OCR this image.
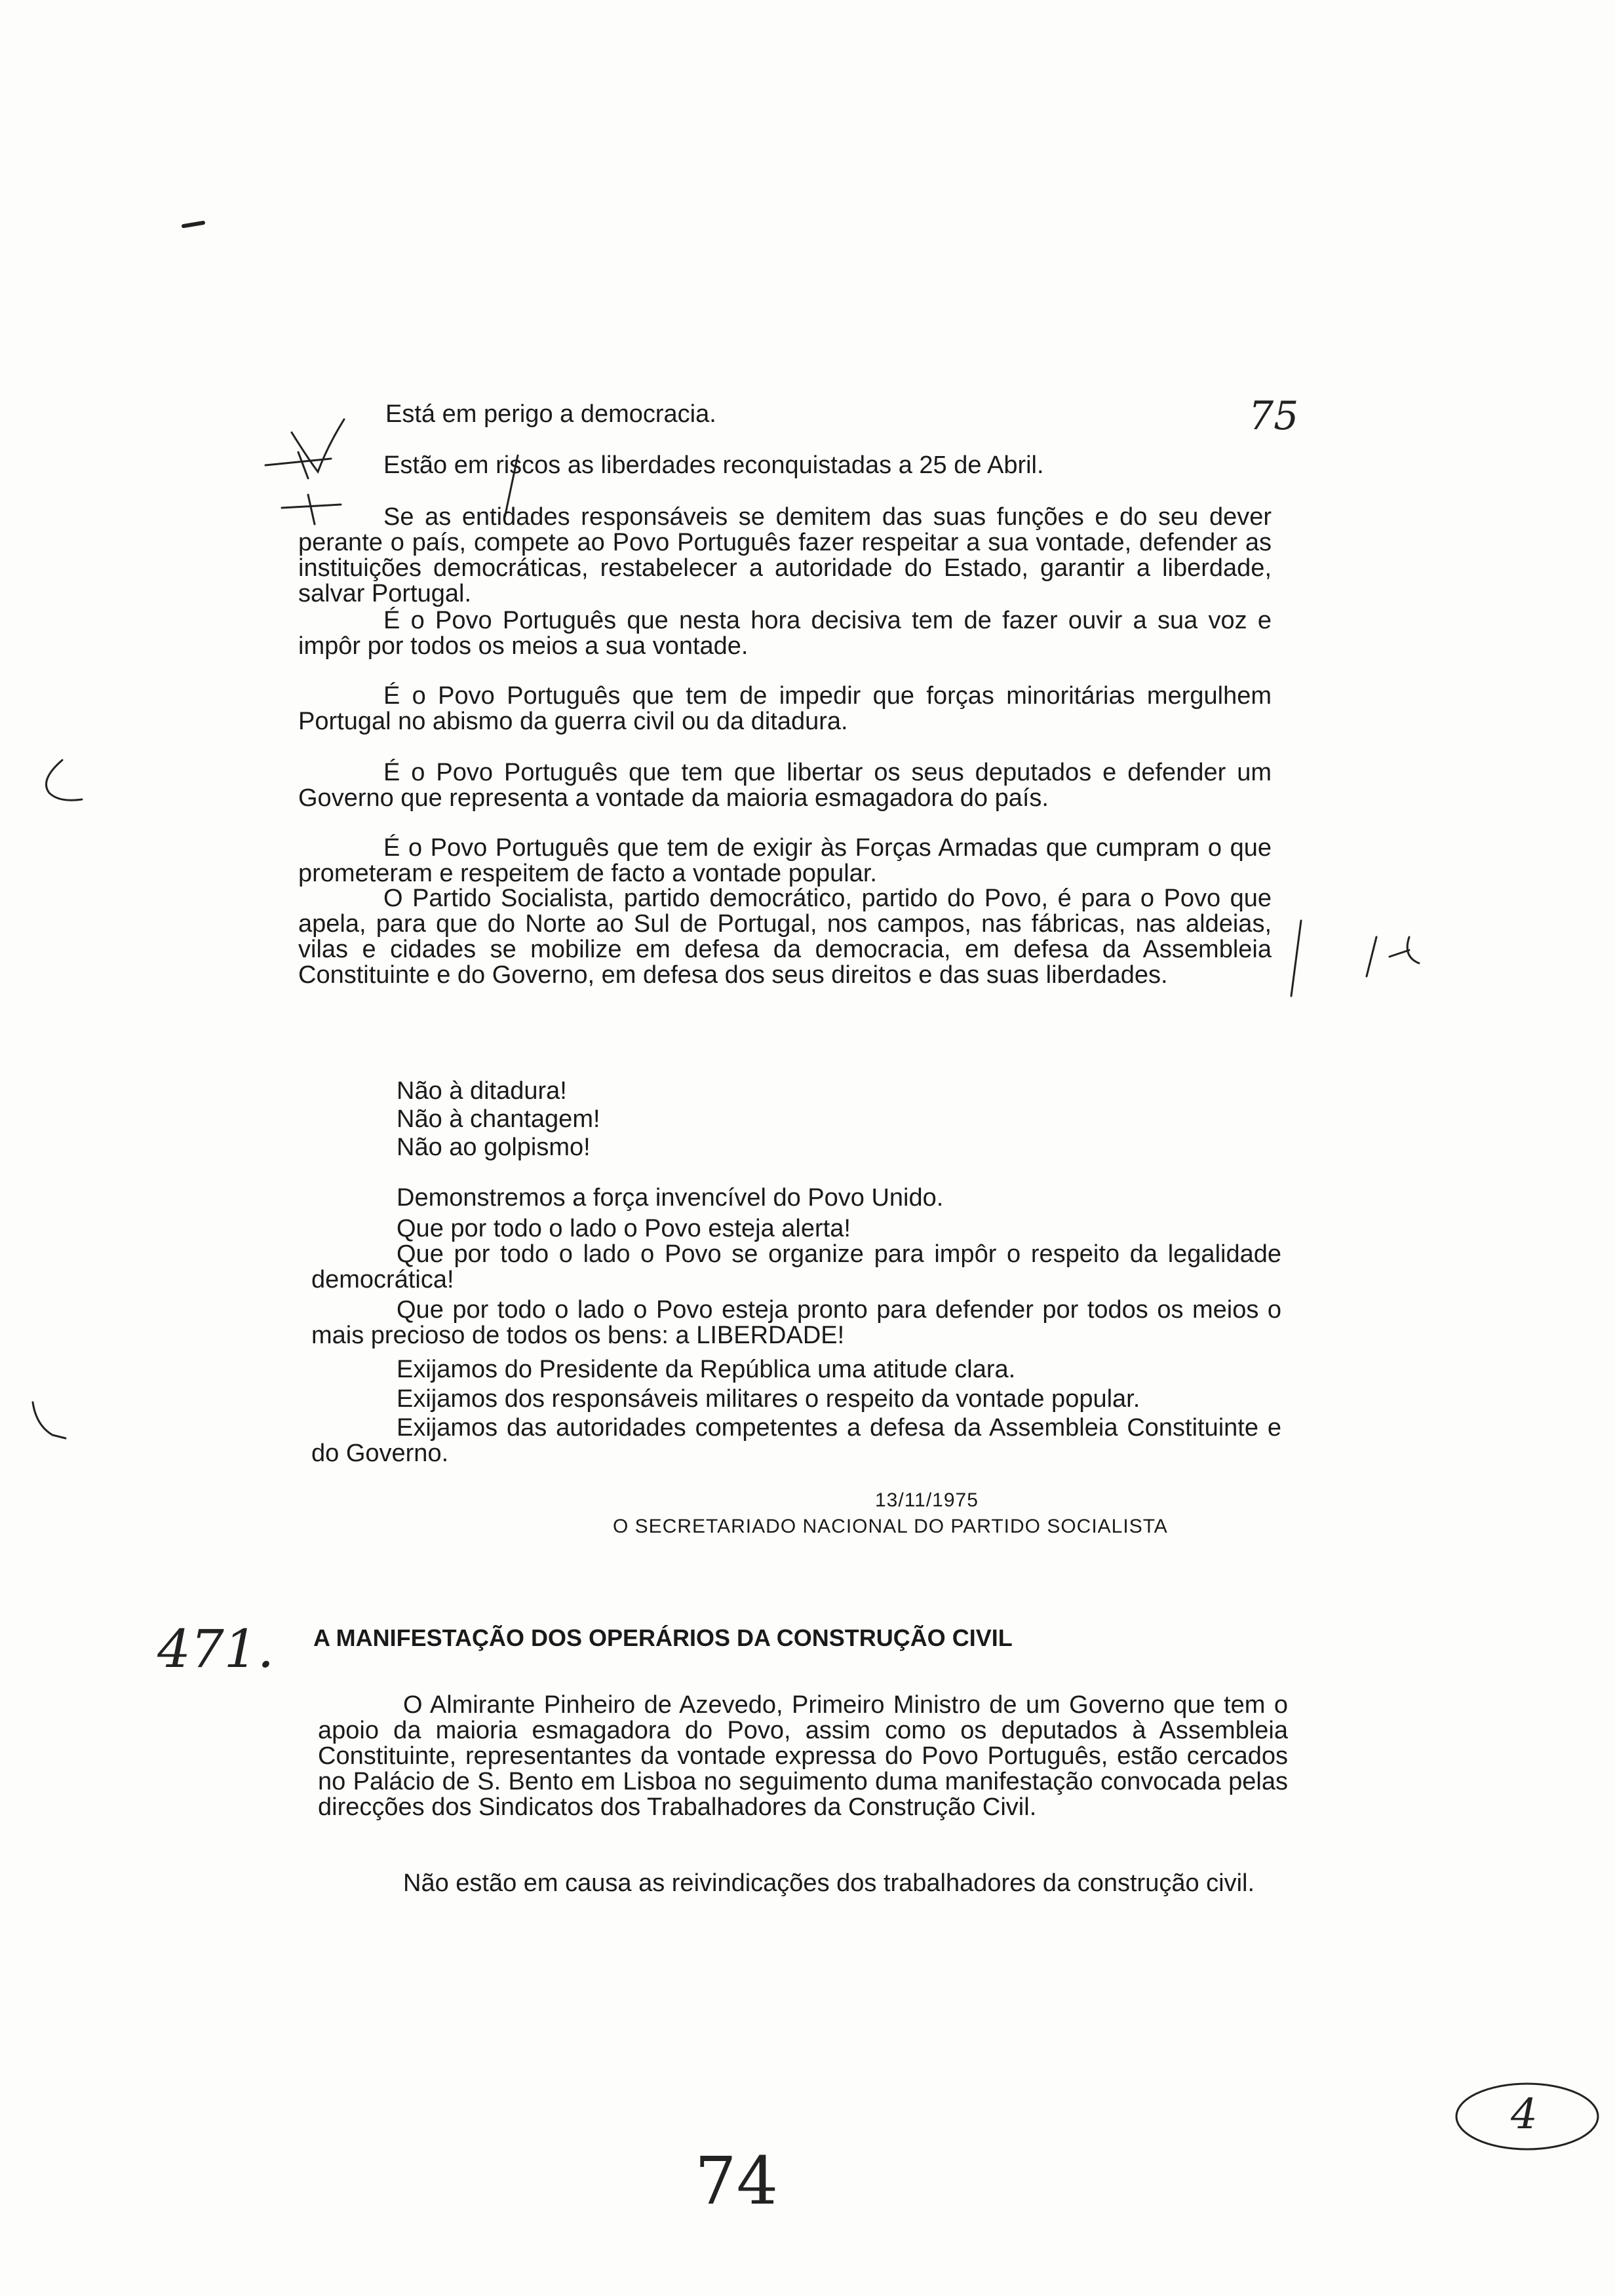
75
471.
4
74
Está em perigo a democracia.
Estão em riscos as liberdades reconquistadas a 25 de Abril.

Se as entidades responsáveis se demitem das suas funções e do seu dever perante o país, compete ao Povo Português fazer respeitar a sua vontade, defender as instituições democráticas, restabelecer a autoridade do Estado, garantir a liberdade, salvar Portugal.

É o Povo Português que nesta hora decisiva tem de fazer ouvir a sua voz e impôr por todos os meios a sua vontade.

É o Povo Português que tem de impedir que forças minoritárias mergulhem Portugal no abismo da guerra civil ou da ditadura.

É o Povo Português que tem que libertar os seus deputados e defender um Governo que representa a vontade da maioria esmagadora do país.

É o Povo Português que tem de exigir às Forças Armadas que cumpram o que prometeram e respeitem de facto a vontade popular.

O Partido Socialista, partido democrático, partido do Povo, é para o Povo que apela, para que do Norte ao Sul de Portugal, nos campos, nas fábricas, nas aldeias, vilas e cidades se mobilize em defesa da democracia, em defesa da Assembleia Constituinte e do Governo, em defesa dos seus direitos e das suas liberdades.

Não à ditadura!
Não à chantagem!
Não ao golpismo!
Demonstremos a força invencível do Povo Unido.
Que por todo o lado o Povo esteja alerta!

Que por todo o lado o Povo se organize para impôr o respeito da legalidade democrática!

Que por todo o lado o Povo esteja pronto para defender por todos os meios o mais precioso de todos os bens: a LIBERDADE!

Exijamos do Presidente da República uma atitude clara.
Exijamos dos responsáveis militares o respeito da vontade popular.

Exijamos das autoridades competentes a defesa da Assembleia Constituinte e do Governo.

13/11/1975
O SECRETARIADO NACIONAL DO PARTIDO SOCIALISTA
A MANIFESTAÇÃO DOS OPERÁRIOS DA CONSTRUÇÃO CIVIL

O Almirante Pinheiro de Azevedo, Primeiro Ministro de um Governo que tem o apoio da maioria esmagadora do Povo, assim como os deputados à Assembleia Constituinte, representantes da vontade expressa do Povo Português, estão cercados no Palácio de S. Bento em Lisboa no seguimento duma manifestação convocada pelas direcções dos Sindicatos dos Trabalhadores da Construção Civil.

Não estão em causa as reivindicações dos trabalhadores da construção civil.
